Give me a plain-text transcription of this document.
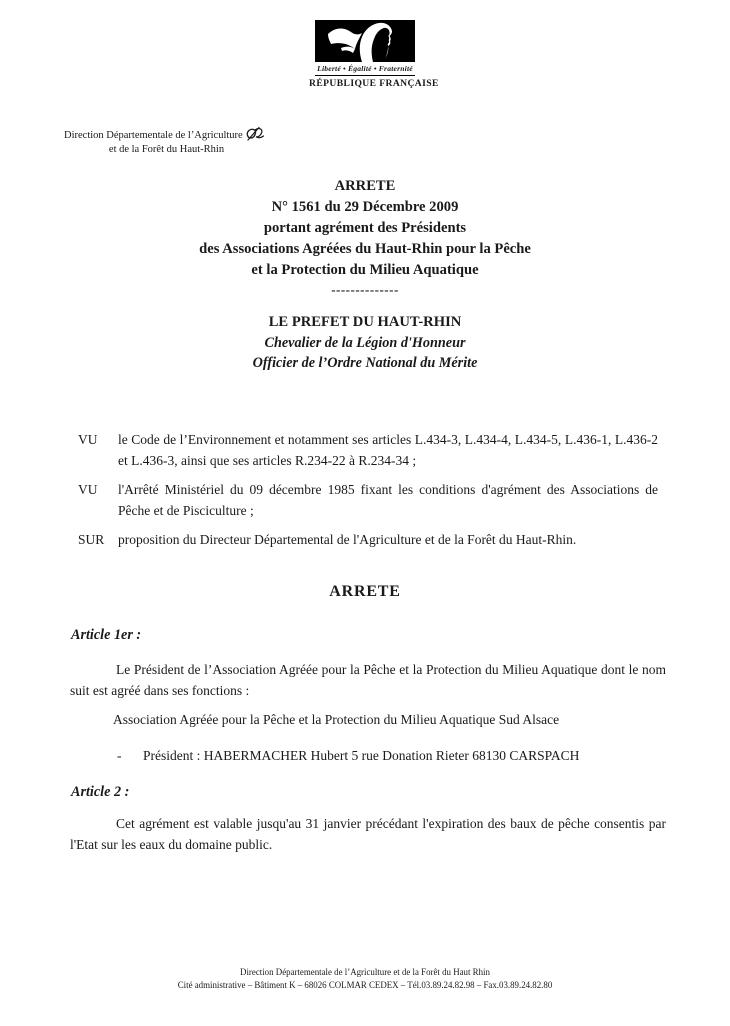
Liberté • Égalité • Fraternité
RÉPUBLIQUE FRANÇAISE
Direction Départementale de l’Agriculture
et de la Forêt du Haut-Rhin
ARRETE
N° 1561 du 29 Décembre 2009
portant agrément des Présidents
des Associations Agréées du Haut-Rhin pour la Pêche
et la Protection du Milieu Aquatique
--------------
LE PREFET DU HAUT-RHIN
Chevalier de la Légion d'Honneur
Officier de l’Ordre National du Mérite
VU	le Code de l’Environnement et notamment ses articles L.434-3, L.434-4, L.434-5, L.436-1, L.436-2 et L.436-3, ainsi que ses articles R.234-22 à R.234-34 ;
VU	l'Arrêté Ministériel du 09 décembre 1985 fixant les conditions d'agrément des Associations de Pêche et de Pisciculture ;
SUR	proposition du Directeur Départemental de l'Agriculture et de la Forêt du Haut-Rhin.
ARRETE
Article 1er :
Le Président de l’Association Agréée pour la Pêche et la Protection du Milieu Aquatique dont le nom suit est agréé dans ses fonctions :
Association Agréée pour la Pêche et la Protection du Milieu Aquatique Sud Alsace
- Président : HABERMACHER Hubert 5 rue Donation Rieter 68130 CARSPACH
Article 2 :
Cet agrément est valable jusqu'au 31 janvier précédant l'expiration des baux de pêche consentis par l'Etat sur les eaux du domaine public.
Direction Départementale de l’Agriculture et de la Forêt du Haut Rhin
Cité administrative – Bâtiment K – 68026 COLMAR CEDEX – Tél.03.89.24.82.98 – Fax.03.89.24.82.80
